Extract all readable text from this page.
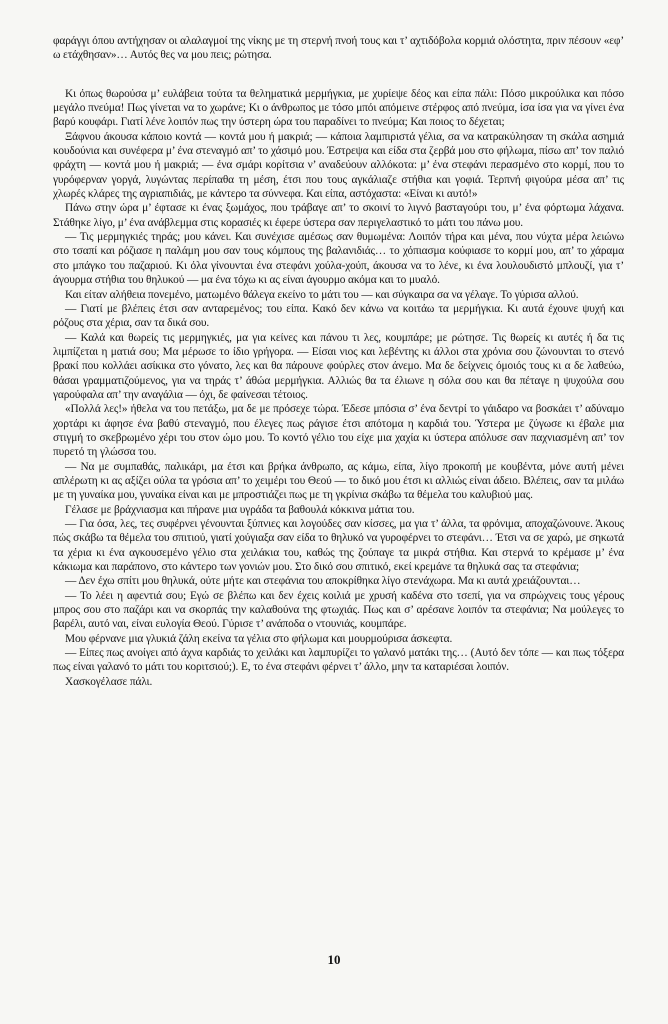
φαράγγι όπου αντήχησαν οι αλαλαγμοί της νίκης με τη στερνή πνοή τους και τ’ αχτιδόβολα κορμιά ολόστητα, πριν πέσουν «εφ’ ω ετάχθησαν»… Αυτός θες να μου πεις; ρώτησα.

Κι όπως θωρούσα μ’ ευλάβεια τούτα τα θεληματικά μερμήγκια, με χυρίεψε δέος και είπα πάλι: Πόσο μικρούλικα και πόσο μεγάλο πνεύμα! Πως γίνεται να το χωράνε; Κι ο άνθρωπος με τόσο μπόι απόμεινε στέρφος από πνεύμα, ίσα ίσα για να γίνει ένα βαρύ κουφάρι. Γιατί λένε λοιπόν πως την ύστερη ώρα του παραδίνει το πνεύμα; Και ποιος το δέχεται;

Ξάφνου άκουσα κάποιο κοντά — κοντά μου ή μακριά; — κάποια λαμπιριστά γέλια, σα να κατρακύλησαν τη σκάλα ασημιά κουδούνια και συνέφερα μ’ ένα στεναγμό απ’ το χάσιμό μου. Έστρεψα και είδα στα ζερβά μου στο φήλωμα, πίσω απ’ τον παλιό φράχτη — κοντά μου ή μακριά; — ένα σμάρι κορίτσια ν’ αναδεύουν αλλόκοτα: μ’ ένα στεφάνι περασμένο στο κορμί, που το γυρόφερναν γοργά, λυγώντας περίπαθα τη μέση, έτσι που τους αγκάλιαζε στήθια και γοφιά. Τερπνή φιγούρα μέσα απ’ τις χλωρές κλάρες της αγριαπιδιάς, με κάντερο τα σύννεφα. Και είπα, αστόχαστα: «Είναι κι αυτό!»

Πάνω στην ώρα μ’ έφτασε κι ένας ξωμάχος, που τράβαγε απ’ το σκοινί το λιγνό βασταγούρι του, μ’ ένα φόρτωμα λάχανα. Στάθηκε λίγο, μ’ ένα ανάβλεμμα στις κορασιές κι έφερε ύστερα σαν περιγελαστικό το μάτι του πάνω μου.

— Τις μερμηγκιές τηράς; μου κάνει. Και συνέχισε αμέσως σαν θυμωμένα: Λοιπόν τήρα και μένα, που νύχτα μέρα λειώνω στο τσαπί και ρόζιασε η παλάμη μου σαν τους κόμπους της βαλανιδιάς… το χόπιασμα κούφιασε το κορμί μου, απ’ το χάραμα στο μπάγκο του παζαριού. Κι όλα γίνουνται ένα στεφάνι χούλα-χούπ, άκουσα να το λένε, κι ένα λουλουδιστό μπλουζί, για τ’ άγουρμα στήθια του θηλυκού — μα ένα τόχω κι ας είναι άγουρμο ακόμα και το μυαλό.

Και είταν αλήθεια πονεμένο, ματωμένο θάλεγα εκείνο το μάτι του — και σύγκαιρα σα να γέλαγε. Το γύρισα αλλού.

— Γιατί με βλέπεις έτσι σαν ανταρεμένος; του είπα. Κακό δεν κάνω να κοιτάω τα μερμήγκια. Κι αυτά έχουνε ψυχή και ρόζους στα χέρια, σαν τα δικά σου.

— Καλά και θωρείς τις μερμηγκιές, μα για κείνες και πάνου τι λες, κουμπάρε; με ρώτησε. Τις θωρείς κι αυτές ή δα τις λιμπίζεται η ματιά σου; Μα μέρωσε το ίδιο γρήγορα. — Είσαι νιος και λεβέντης κι άλλοι στα χρόνια σου ζώνουνται το στενό βρακί που κολλάει ασίκικα στο γόνατο, λες και θα πάρουνε φούρλες στον άνεμο. Μα δε δείχνεις όμοιός τους κι α δε λαθεύω, θάσαι γραμματιζούμενος, για να τηράς τ’ άθώα μερμήγκια. Αλλιώς θα τα έλιωνε η σόλα σου και θα πέταγε η ψυχούλα σου γαρούφαλα απ’ την αναγάλια — όχι, δε φαίνεσαι τέτοιος.

«Πολλά λες!» ήθελα να του πετάξω, μα δε με πρόσεχε τώρα. Έδεσε μπόσια σ’ ένα δεντρί το γάιδαρο να βοσκάει τ’ αδύναμο χορτάρι κι άφησε ένα βαθύ στεναγμό, που έλεγες πως ράγισε έτσι απότομα η καρδιά του. Ύστερα με ζύγωσε κι έβαλε μια στιγμή το σκεβρωμένο χέρι του στον ώμο μου. Το κοντό γέλιο του είχε μια χαχία κι ύστερα απόλυσε σαν παχνιασμένη απ’ τον πυρετό τη γλώσσα του.

— Να με συμπαθάς, παλικάρι, μα έτσι και βρήκα άνθρωπο, ας κάμω, είπα, λίγο προκοπή με κουβέντα, μόνε αυτή μένει απλέρωτη κι ας αξίζει ούλα τα γρόσια απ’ το χειμέρι του Θεού — το δικό μου έτσι κι αλλιώς είναι άδειο. Βλέπεις, σαν τα μιλάω με τη γυναίκα μου, γυναίκα είναι και με μπροστιάζει πως με τη γκρίνια σκάβω τα θέμελα του καλυβιού μας.

Γέλασε με βράχνιασμα και πήρανε μια υγράδα τα βαθουλά κόκκινα μάτια του.

— Για όσα, λες, τες συφέρνει γένουνται ξύπνιες και λογούδες σαν κίσσες, μα για τ’ άλλα, τα φρόνιμα, αποχαζώνουνε. Άκους πώς σκάβω τα θέμελα του σπιτιού, γιατί χούγιαξα σαν είδα το θηλυκό να γυροφέρνει το στεφάνι… Έτσι να σε χαρώ, με σηκωτά τα χέρια κι ένα αγκουσεμένο γέλιο στα χειλάκια του, καθώς της ζούπαγε τα μικρά στήθια. Και στερνά το κρέμασε μ’ ένα κάκιωμα και παράπονο, στο κάντερο των γονιών μου. Στο δικό σου σπιτικό, εκεί κρεμάνε τα θηλυκά σας τα στεφάνια;

— Δεν έχω σπίτι μου θηλυκά, ούτε μήτε και στεφάνια του αποκρίθηκα λίγο στενάχωρα. Μα κι αυτά χρειάζουνται…

— Το λέει η αφεντιά σου; Εγώ σε βλέπω και δεν έχεις κοιλιά με χρυσή καδένα στο τσεπί, για να σπρώχνεις τους γέρους μπρος σου στο παζάρι και να σκορπάς την καλαθούνα της φτωχιάς. Πως και σ’ αρέσανε λοιπόν τα στεφάνια; Να μούλεγες το βαρέλι, αυτό ναι, είναι ευλογία Θεού. Γύρισε τ’ ανάποδα ο ντουνιάς, κουμπάρε.

Μου φέρνανε μια γλυκιά ζάλη εκείνα τα γέλια στο φήλωμα και μουρμούρισα άσκεφτα.

— Είπες πως ανοίγει από άχνα καρδιάς το χειλάκι και λαμπυρίζει το γαλανό ματάκι της… (Αυτό δεν τόπε — και πως τόξερα πως είναι γαλανό το μάτι του κοριτσιού;). Ε, το ένα στεφάνι φέρνει τ’ άλλο, μην τα καταριέσαι λοιπόν.

Χασκογέλασε πάλι.

10
